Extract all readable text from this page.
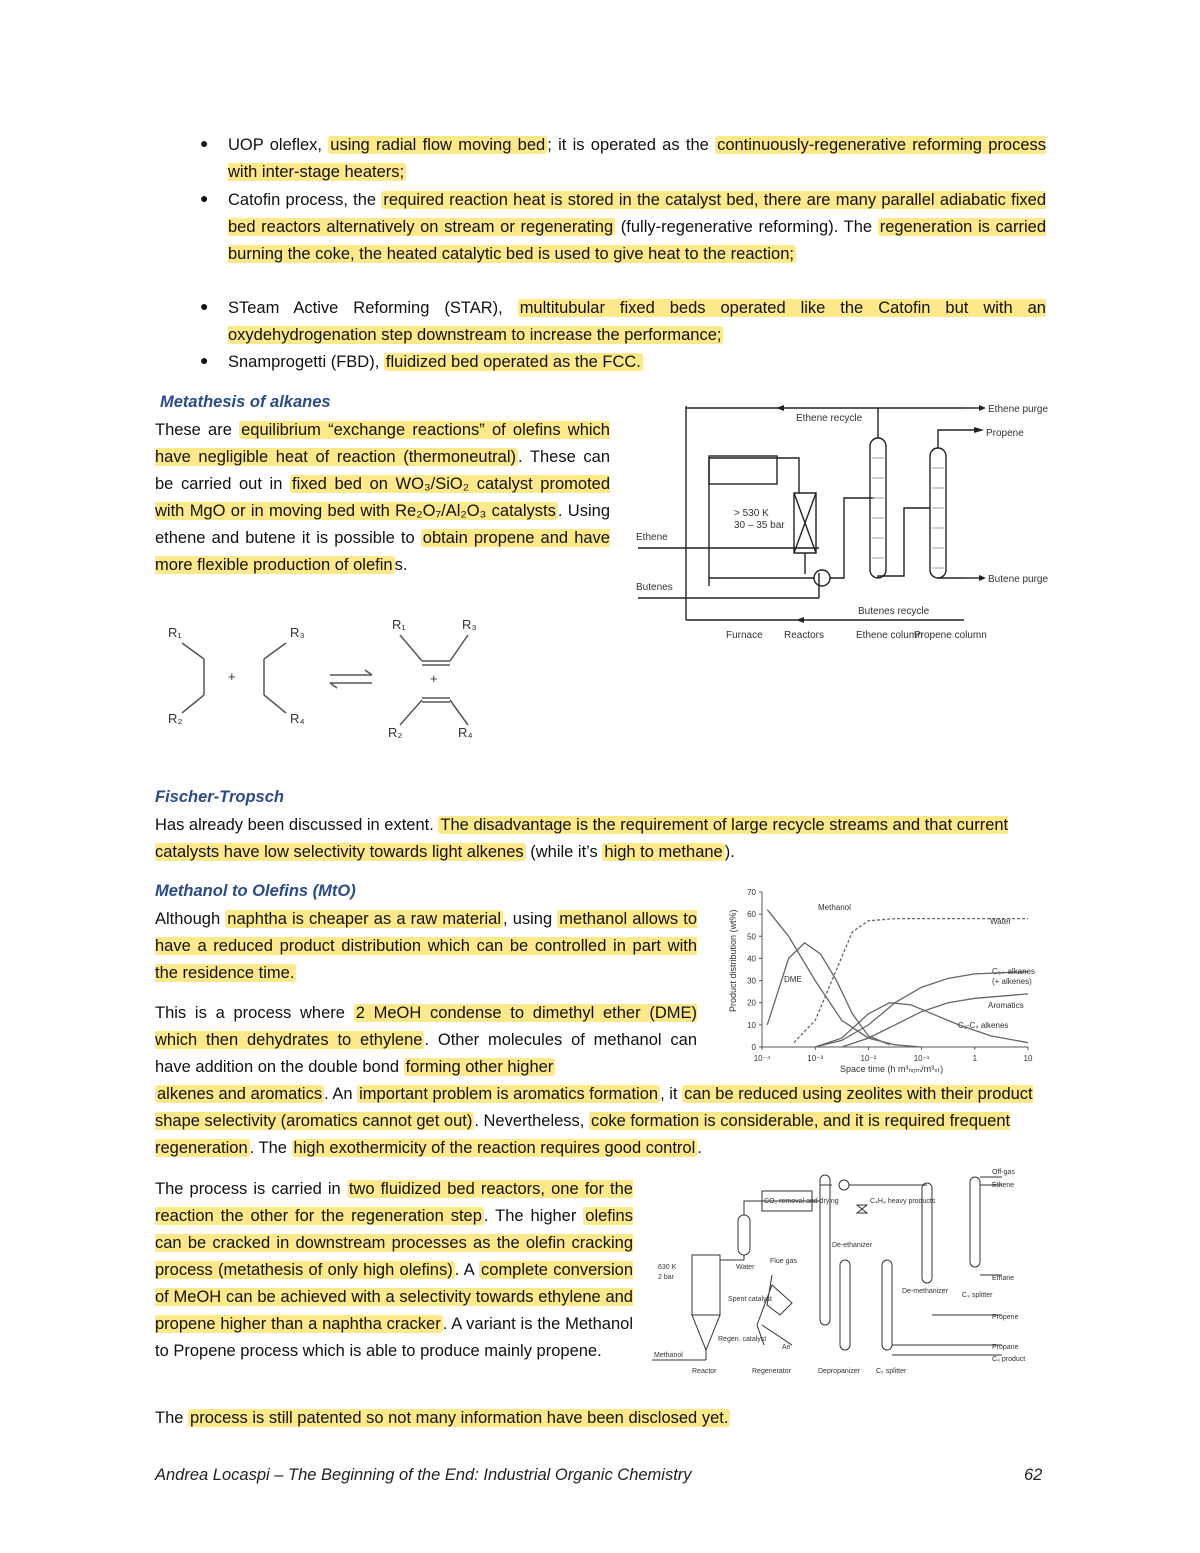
● UOP oleflex, using radial flow moving bed ; it is operated as the continuously-regenerative reforming process with inter-stage heaters;
● Catofin process, the required reaction heat is stored in the catalyst bed, there are many parallel adiabatic fixed bed reactors alternatively on stream or regenerating (fully-regenerative reforming). The regeneration is carried burning the coke, the heated catalytic bed is used to give heat to the reaction;
● STeam Active Reforming (STAR), multitubular fixed beds operated like the Catofin but with an oxydehydrogenation step downstream to increase the performance;
● Snamprogetti (FBD), fluidized bed operated as the FCC.
Metathesis of alkanes
These are equilibrium “exchange reactions” of olefins which have negligible heat of reaction (thermoneutral) . These can be carried out in fixed bed on WO₃/SiO₂ catalyst promoted with MgO or in moving bed with Re₂O₇/Al₂O₃ catalysts . Using ethene and butene it is possible to obtain propene and have more flexible production of olefin s.
R₁
R₂
R₃
R₄
+
R₁	R₃
+
R₂	R₄
Ethene purge
Ethene recycle
Propene
> 530 K
30 – 35 bar
Ethene
Butenes
Butene purge
Butenes recycle
Furnace Reactors	Ethene column
Propene column
Fischer-Tropsch
Has already been discussed in extent. The disadvantage is the requirement of large recycle streams and that current catalysts have low selectivity towards light alkenes (while it’s high to methane ).
Methanol to Olefins (MtO)
Although naphtha is cheaper as a raw material , using methanol allows to have a reduced product distribution which can be controlled in part with the residence time.
This is a process where 2 MeOH condense to dimethyl ether (DME) which then dehydrates to ethylene . Other molecules of methanol can have addition on the double bond forming other higher
alkenes and aromatics . An important problem is aromatics formation , it can be reduced using zeolites with their product shape selectivity (aromatics cannot get out) . Nevertheless, coke formation is considerable, and it is required frequent regeneration . The high exothermicity of the reaction requires good control .
Product distribution (wt%)
Space time (h m³ₙₒₘ/m³ₛₜ)
0
10
20
30
40
50
60
70
10⁻⁴	10⁻³	10⁻²	10⁻¹	1	10
Methanol
Water
DME
C₅₊ alkanes
(+ alkenes)
Aromatics
C₂-C₄ alkenes
The process is carried in two fluidized bed reactors, one for the reaction the other for the regeneration step . The higher olefins can be cracked in downstream processes as the olefin cracking process (metathesis of only high olefins) . A complete conversion of MeOH can be achieved with a selectivity towards ethylene and propene higher than a naphtha cracker . A variant is the Methanol to Propene process which is able to produce mainly propene.
Off-gas
Ethene
CO₂ removal and drying	C₄H₈ heavy products
De-ethanizer
Ethane
De-methanizer
C₃ splitter
Propene
Propane
C₄ product
630 K
2 bar
Water
Flue gas
Spent catalyst
Regen. catalyst
Air
Methanol
Reactor	Regenerator	Depropanizer C₂ splitter
The process is still patented so not many information have been disclosed yet.
Andrea Locaspi – The Beginning of the End: Industrial Organic Chemistry	62
